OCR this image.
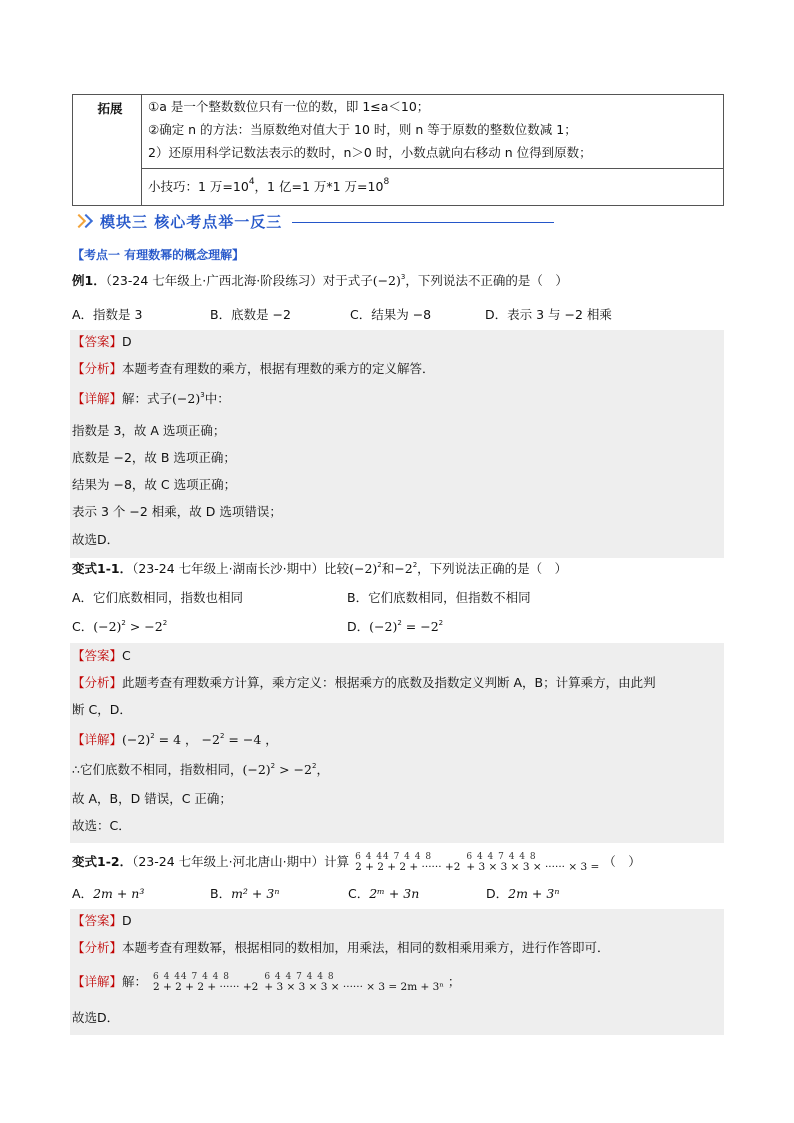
拓展	①a 是一个整数数位只有一位的数，即 1≤a＜10；
②确定 n 的方法：当原数绝对值大于 10 时，则 n 等于原数的整数位数减 1；
2）还原用科学记数法表示的数时，n＞0 时，小数点就向右移动 n 位得到原数；

小技巧：1 万$=10^4$，1 亿=1 万*1 万$=10^8$
模块三 核心考点举一反三
【考点一 有理数幂的概念理解】
例1．（23-24 七年级上·广西北海·阶段练习）对于式子$(-2)^3$，下列说法不正确的是（　）
A．指数是 3	B．底数是 −2	C．结果为 −8	D．表示 3 与 −2 相乘
【答案】D
【分析】本题考查有理数的乘方，根据有理数的乘方的定义解答．
【详解】解：式子$(-2)^3$中：
指数是 3，故 A 选项正确；
底数是 −2，故 B 选项正确；
结果为 −8，故 C 选项正确；
表示 3 个 −2 相乘，故 D 选项错误；
故选D．
变式1-1．（23-24 七年级上·湖南长沙·期中）比较$(-2)^2$和$-2^2$，下列说法正确的是（　）
A．它们底数相同，指数也相同	B．它们底数相同，但指数不相同
C．$(-2)^2 > -2^2$	D．$(-2)^2 = -2^2$
【答案】C
【分析】此题考查有理数乘方计算，乘方定义：根据乘方的底数及指数定义判断 A，B；计算乘方，由此判
断 C，D．
【详解】$(-2)^2 = 4$ ， $-2^2 = -4$ ，
∴它们底数不相同，指数相同，$(-2)^2 > -2^2$，
故 A，B，D 错误，C 正确；
故选：C．
变式1-2．（23-24 七年级上·河北唐山·期中）计算 6 4 44 7 4 4 8
2 + 2 + 2 + ······ +2

6 4 4 7 4 4 8
+ 3 × 3 × 3 × ······ × 3 = （　）
A．2m + n³	B．m² + 3ⁿ	C．2ᵐ + 3n	D．2m + 3ⁿ
【答案】D
【分析】本题考查有理数幂，根据相同的数相加，用乘法，相同的数相乘用乘方，进行作答即可．
【详解】解： 6 4 44 7 4 4 8
2 + 2 + 2 + ······ +2

6 4 4 7 4 4 8
+ 3 × 3 × 3 × ······ × 3 = 2m + 3ⁿ ；
故选D．
